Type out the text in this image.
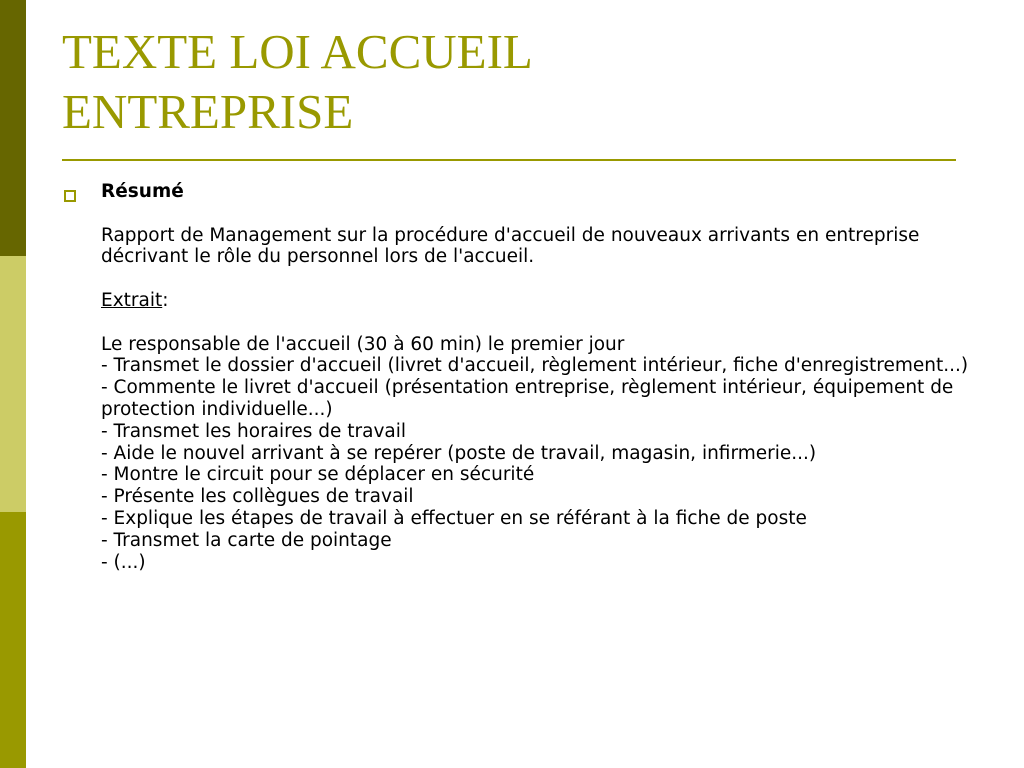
TEXTE LOI ACCUEIL
ENTREPRISE

Résumé

Rapport de Management sur la procédure d'accueil de nouveaux arrivants en entreprise décrivant le rôle du personnel lors de l'accueil.

Extrait:

Le responsable de l'accueil (30 à 60 min) le premier jour

- Transmet le dossier d'accueil (livret d'accueil, règlement intérieur, fiche d'enregistrement...)

- Commente le livret d'accueil (présentation entreprise, règlement intérieur, équipement de protection individuelle...)

- Transmet les horaires de travail

- Aide le nouvel arrivant à se repérer (poste de travail, magasin, infirmerie...)

- Montre le circuit pour se déplacer en sécurité

- Présente les collègues de travail

- Explique les étapes de travail à effectuer en se référant à la fiche de poste

- Transmet la carte de pointage

- (...)
